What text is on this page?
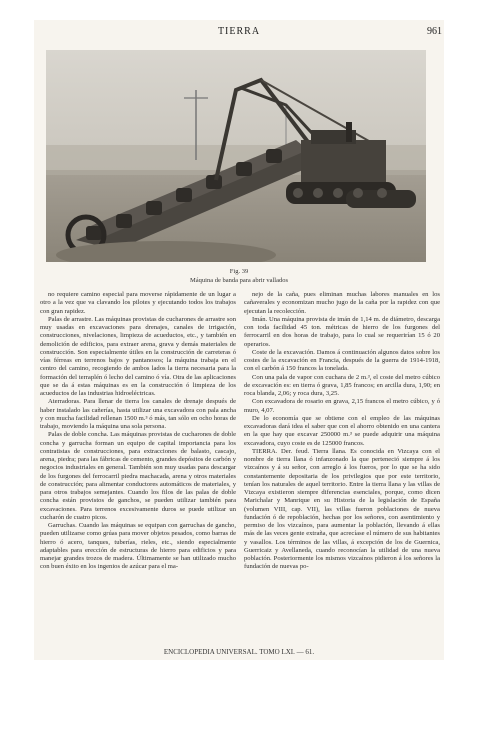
TIERRA	961
Fig. 39
Máquina de banda para abrir vallados

no requiere camino especial para moverse rápidamente de un lugar a otro a la vez que va clavando los pilotes y ejecutando todos los trabajos con gran rapidez.

Palas de arrastre. Las máquinas provistas de cucharones de arrastre son muy usadas en excavaciones para drenajes, canales de irrigación, construcciones, nivelaciones, limpieza de acueductos, etc., y también en demolición de edificios, para extraer arena, grava y demás materiales de construcción. Son especialmente útiles en la construcción de carreteras ó vías férreas en terrenos bajos y pantanosos; la máquina trabaja en el centro del camino, recogiendo de ambos lados la tierra necesaria para la formación del terraplén ó lecho del camino ó vía. Otra de las aplicaciones que se da á estas máquinas es en la construcción ó limpieza de los acueductos de las industrias hidroeléctricas.

Aterradoras. Para llenar de tierra los canales de drenaje después de haber instalado las cañerías, hasta utilizar una excavadora con pala ancha y con mucha facilidad rellenan 1500 m.³ ó más, tan sólo en ocho horas de trabajo, moviendo la máquina una sola persona.

Palas de doble concha. Las máquinas provistas de cucharones de doble concha y garrucha forman un equipo de capital importancia para los contratistas de construcciones, para extracciones de balasto, cascajo, arena, piedra; para las fábricas de cemento, grandes depósitos de carbón y negocios industriales en general. También son muy usadas para descargar de los furgones del ferrocarril piedra machacada, arena y otros materiales de construcción; para alimentar conductores automáticos de materiales, y para otros trabajos semejantes. Cuando los filos de las palas de doble concha están provistos de ganchos, se pueden utilizar también para excavaciones. Para terrenos excesivamente duros se puede utilizar un cucharón de cuatro picos.

Garruchas. Cuando las máquinas se equipan con garruchas de gancho, pueden utilizarse como grúas para mover objetos pesados, como barras de hierro ó acero, tanques, tuberías, rieles, etc., siendo especialmente adaptables para erección de estructuras de hierro para edificios y para manejar grandes trozos de madera. Últimamente se han utilizado mucho con buen éxito en los ingenios de azúcar para el ma-

nejo de la caña, pues eliminan muchas labores manuales en los cañaverales y economizan mucho jugo de la caña por la rapidez con que ejecutan la recolección.

Imán. Una máquina provista de imán de 1,14 m. de diámetro, descarga con toda facilidad 45 ton. métricas de hierro de los furgones del ferrocarril en dos horas de trabajo, para lo cual se requerirían 15 ó 20 operarios.

Coste de la excavación. Damos á continuación algunos datos sobre los costes de la excavación en Francia, después de la guerra de 1914-1918, con el carbón á 150 francos la tonelada.

Con una pala de vapor con cuchara de 2 m.³, el coste del metro cúbico de excavación es: en tierra ó grava, 1,85 francos; en arcilla dura, 1,90; en roca blanda, 2,06; y roca dura, 3,25.

Con excavadora de rosario en grava, 2,15 francos el metro cúbico, y ó muro, 4,07.

De lo economía que se obtiene con el empleo de las máquinas excavadoras dará idea el saber que con el ahorro obtenido en una cantera en la que hay que excavar 250000 m.³ se puede adquirir una máquina excavadora, cuyo coste es de 125000 francos.

TIERRA. Der. feud. Tierra llana. Es conocida en Vizcaya con el nombre de tierra llana ó infanzonado la que perteneció siempre á los vizcaínos y á su señor, con arreglo á los fueros, por lo que se ha sido constantemente depositaria de los privilegios que por este territorio, tenían los naturales de aquel territorio. Entre la tierra llana y las villas de Vizcaya existieron siempre diferencias esenciales, porque, como dicen Marichalar y Manrique en su Historia de la legislación de España (volumen VIII, cap. VII), las villas fueron poblaciones de nueva fundación ó de repoblación, hechas por los señores, con asentimiento y permiso de los vizcaínos, para aumentar la población, llevando á ellas más de las veces gente extraña, que acrecíase el número de sus habitantes y vasallos. Los términos de las villas, á excepción de los de Guernica, Guerricaiz y Avellaneda, cuando reconocían la utilidad de una nueva población. Posteriormente los mismos vizcaínos pidieron á los señores la fundación de nuevas po-

ENCICLOPEDIA UNIVERSAL. TOMO LXI. — 61.
